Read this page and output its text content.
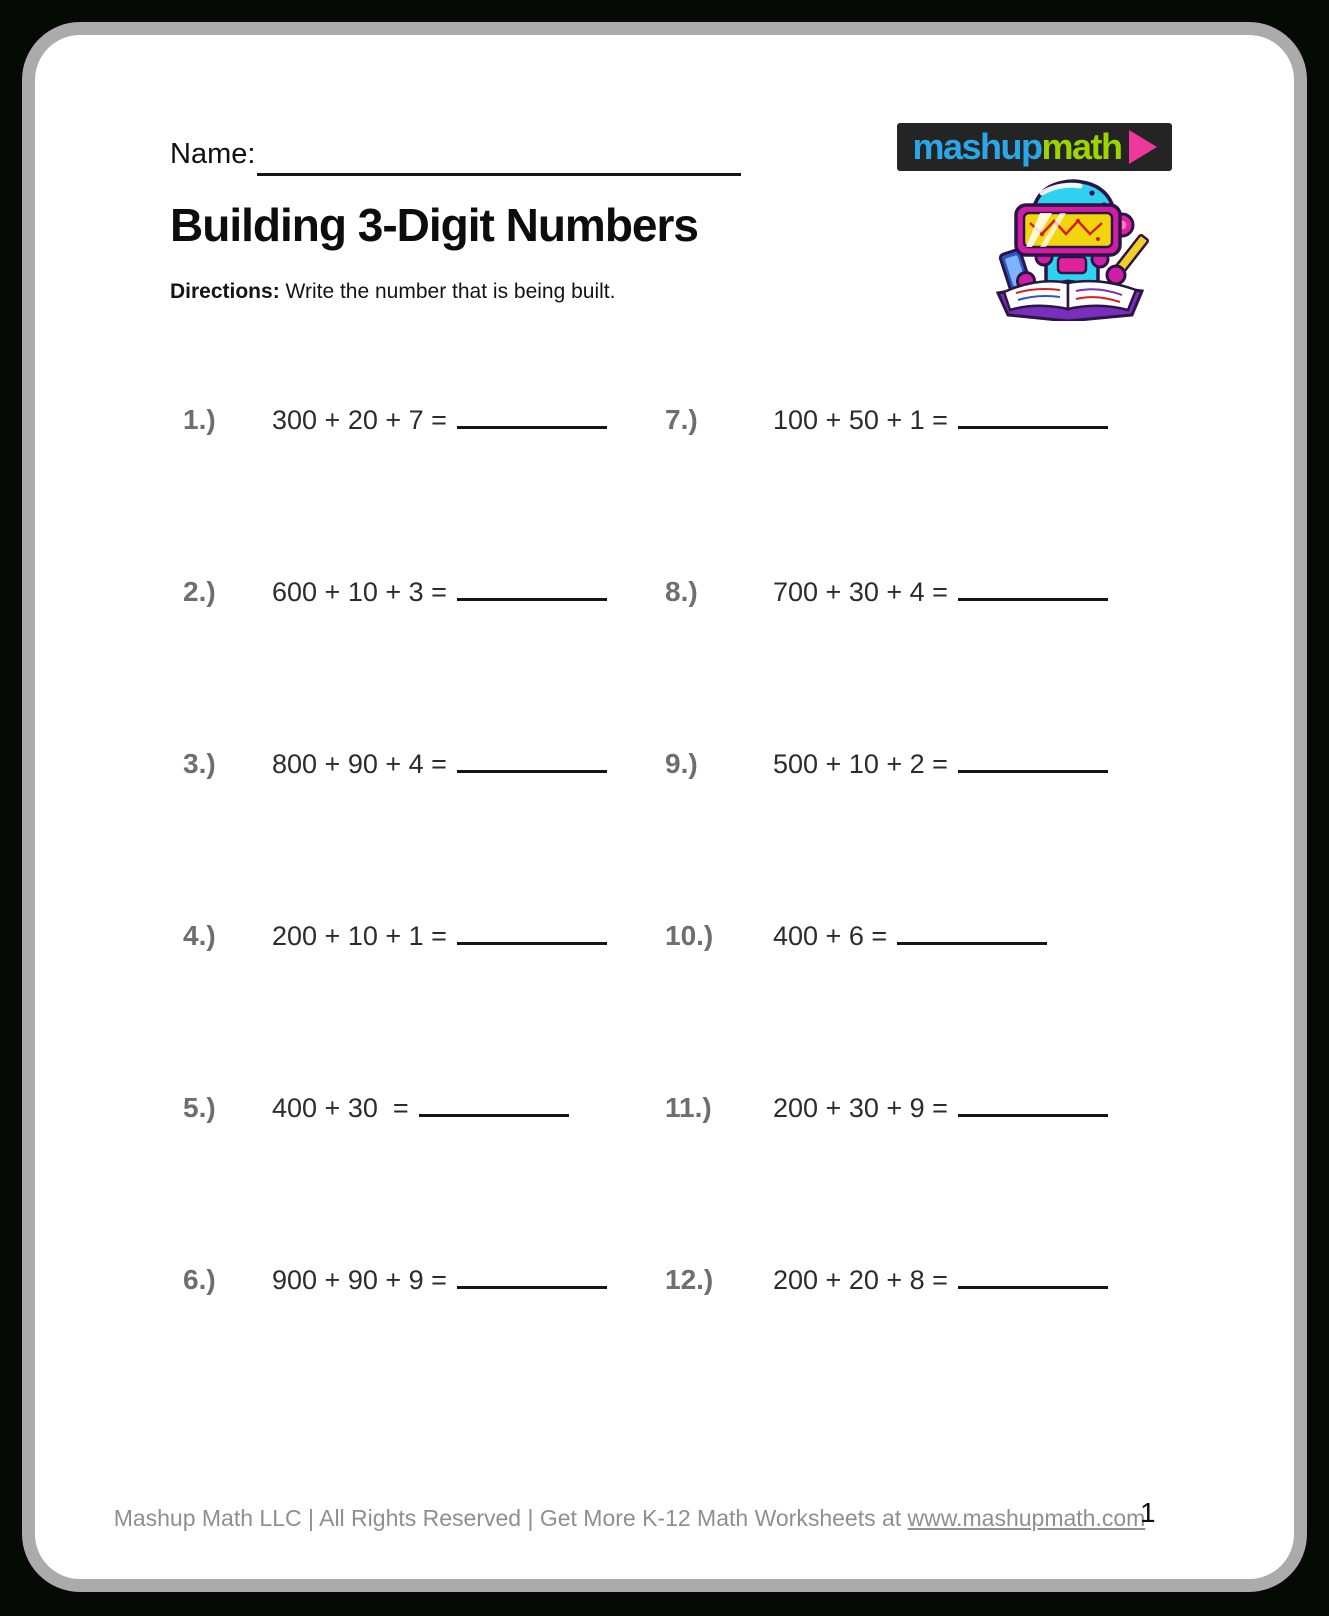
Name:
Building 3-Digit Numbers
Directions: Write the number that is being built.
mashup math
1.)	300 + 20 + 7 =
2.)	600 + 10 + 3 =
3.)	800 + 90 + 4 =
4.)	200 + 10 + 1 =
5.)	400 + 30  =
6.)	900 + 90 + 9 =
7.)	100 + 50 + 1 =
8.)	700 + 30 + 4 =
9.)	500 + 10 + 2 =
10.)	400 + 6 =
11.)	200 + 30 + 9 =
12.)	200 + 20 + 8 =
Mashup Math LLC | All Rights Reserved | Get More K-12 Math Worksheets at www.mashupmath.com
1
